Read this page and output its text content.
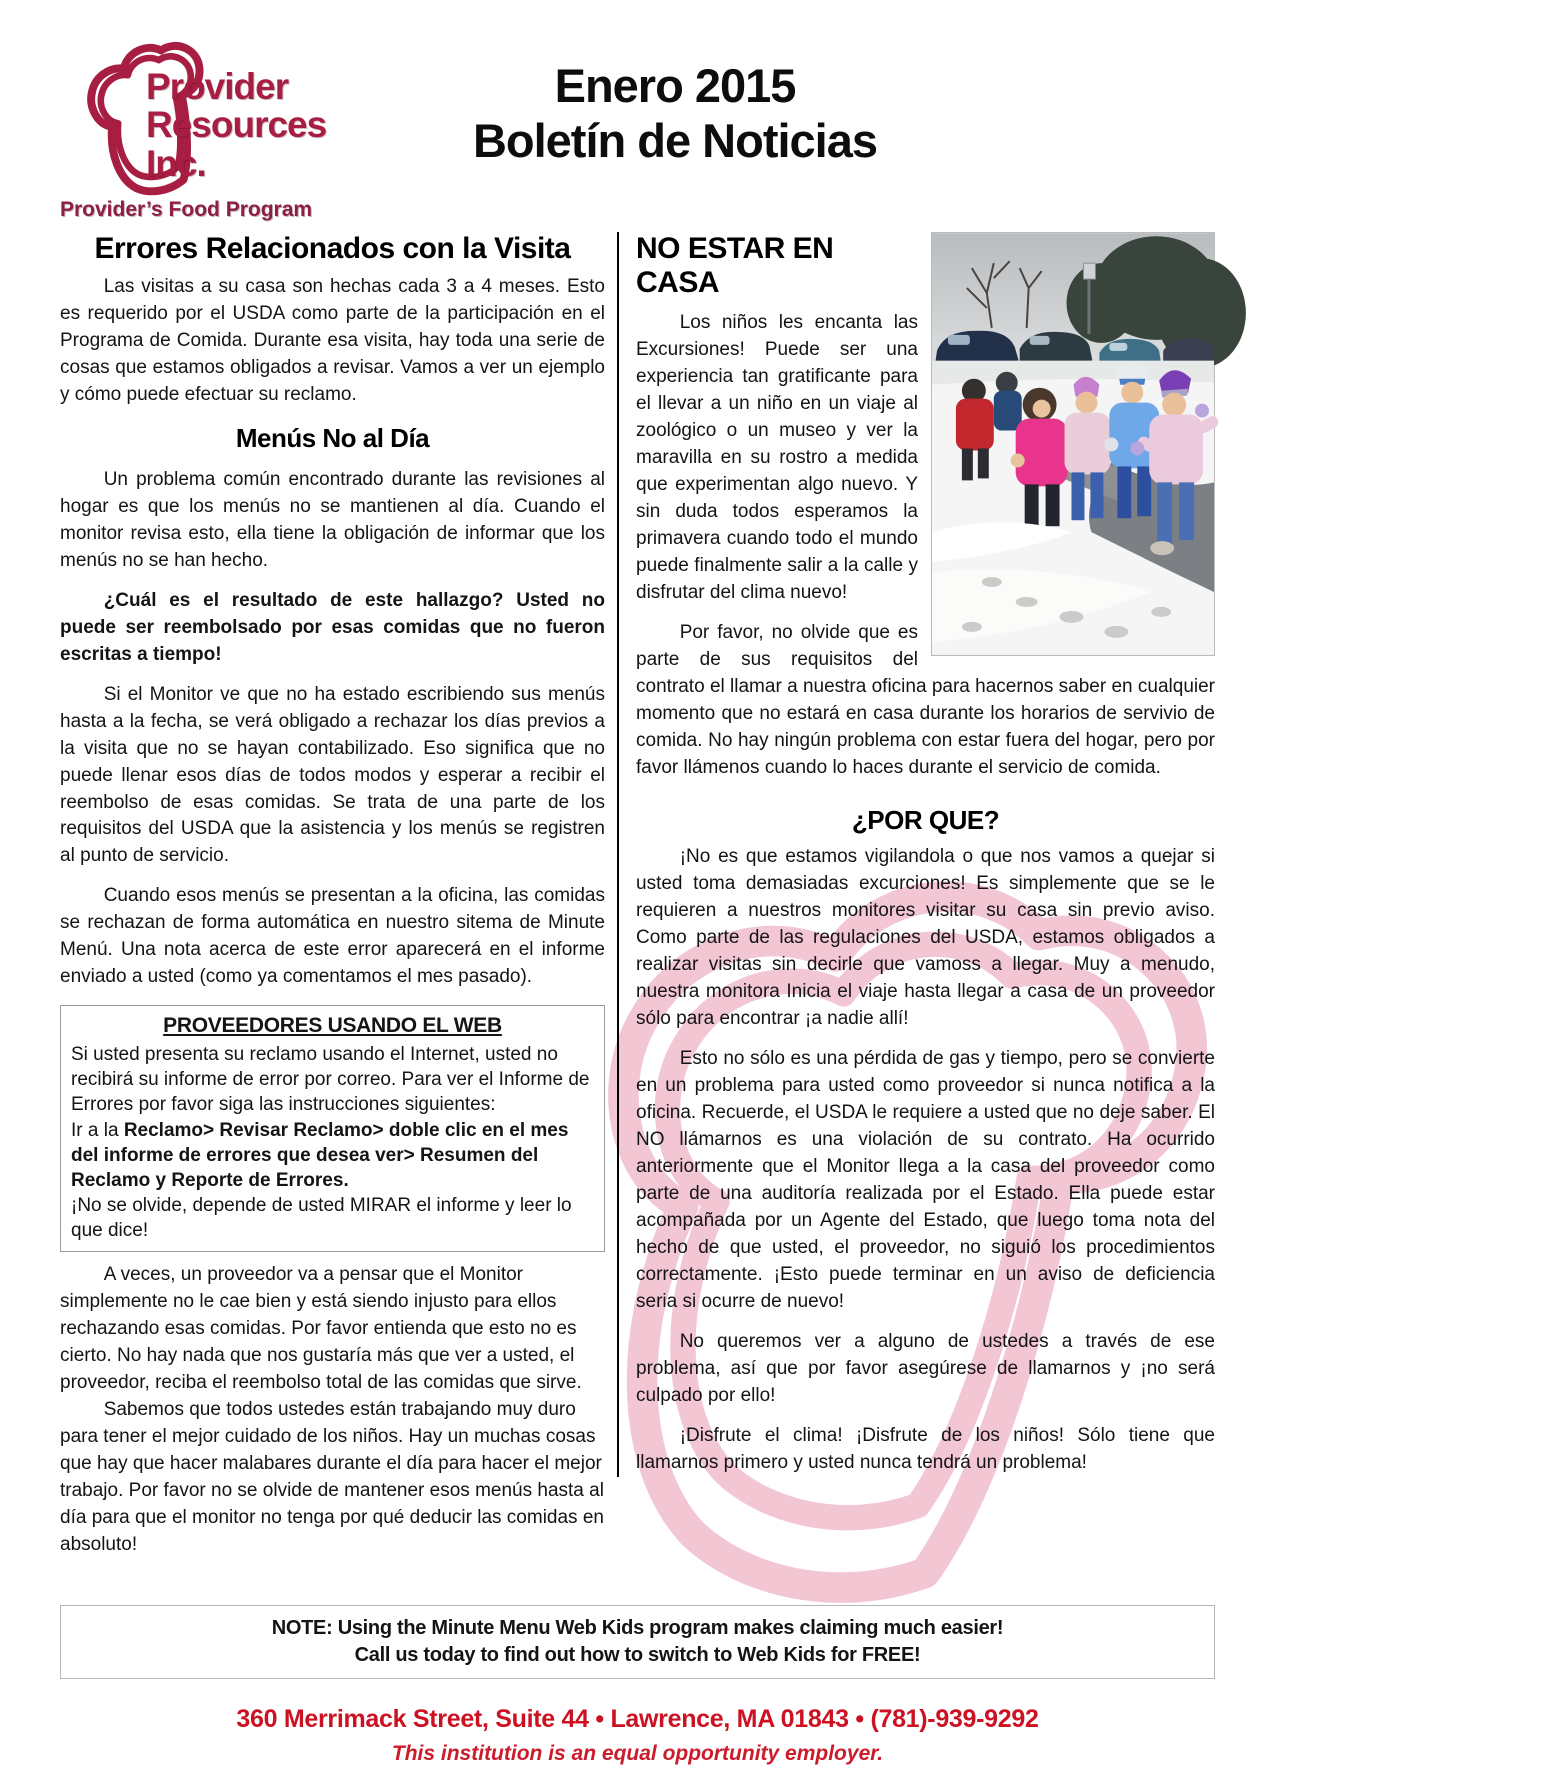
Provider
Resources
Inc.
Provider’s Food Program
Enero 2015
Boletín de Noticias
Errores Relacionados con la Visita

Las visitas a su casa son hechas cada 3 a 4 meses. Esto es requerido por el USDA como parte de la participación en el Programa de Comida. Durante esa visita, hay toda una serie de cosas que estamos obligados a revisar. Vamos a ver un ejemplo y cómo puede efectuar su reclamo.

Menús No al Día

Un problema común encontrado durante las revisiones al hogar es que los menús no se mantienen al día. Cuando el monitor revisa esto, ella tiene la obligación de informar que los menús no se han hecho.

¿Cuál es el resultado de este hallazgo? Usted no puede ser reembolsado por esas comidas que no fueron escritas a tiempo!

Si el Monitor ve que no ha estado escribiendo sus menús hasta a la fecha, se verá obligado a rechazar los días previos a la visita que no se hayan contabilizado. Eso significa que no puede llenar esos días de todos modos y esperar a recibir el reembolso de esas comidas. Se trata de una parte de los requisitos del USDA que la asistencia y los menús se registren al punto de servicio.

Cuando esos menús se presentan a la oficina, las comidas se rechazan de forma automática en nuestro sitema de Minute Menú. Una nota acerca de este error aparecerá en el informe enviado a usted (como ya comentamos el mes pasado).

PROVEEDORES USANDO EL WEB

Si usted presenta su reclamo usando el Internet, usted no recibirá su informe de error por correo. Para ver el Informe de Errores por favor siga las instrucciones siguientes:

Ir a la Reclamo> Revisar Reclamo> doble clic en el mes del informe de errores que desea ver> Resumen del Reclamo y Reporte de Errores.

¡No se olvide, depende de usted MIRAR el informe y leer lo que dice!

A veces, un proveedor va a pensar que el Monitor simplemente no le cae bien y está siendo injusto para ellos rechazando esas comidas. Por favor entienda que esto no es cierto. No hay nada que nos gustaría más que ver a usted, el proveedor, reciba el reembolso total de las comidas que sirve.

Sabemos que todos ustedes están trabajando muy duro para tener el mejor cuidado de los niños. Hay un muchas cosas que hay que hacer malabares durante el día para hacer el mejor trabajo. Por favor no se olvide de mantener esos menús hasta al día para que el monitor no tenga por qué deducir las comidas en absoluto!

NO ESTAR EN CASA

Los niños les encanta las Excursiones! Puede ser una experiencia tan gratificante para el llevar a un niño en un viaje al zoológico o un museo y ver la maravilla en su rostro a medida que experimentan algo nuevo. Y sin duda todos esperamos la primavera cuando todo el mundo puede finalmente salir a la calle y disfrutar del clima nuevo!

Por favor, no olvide que es parte de sus requisitos del contrato el llamar a nuestra oficina para hacernos saber en cualquier momento que no estará en casa durante los horarios de servivio de comida. No hay ningún problema con estar fuera del hogar, pero por favor llámenos cuando lo haces durante el servicio de comida.

¿POR QUE?

¡No es que estamos vigilandola o que nos vamos a quejar si usted toma demasiadas excurciones! Es simplemente que se le requieren a nuestros monitores visitar su casa sin previo aviso. Como parte de las regulaciones del USDA, estamos obligados a realizar visitas sin decirle que vamoss a llegar. Muy a menudo, nuestra monitora Inicia el viaje hasta llegar a casa de un proveedor sólo para encontrar ¡a nadie allí!

Esto no sólo es una pérdida de gas y tiempo, pero se convierte en un problema para usted como proveedor si nunca notifica a la oficina. Recuerde, el USDA le requiere a usted que no deje saber. El NO llámarnos es una violación de su contrato. Ha ocurrido anteriormente que el Monitor llega a la casa del proveedor como parte de una auditoría realizada por el Estado. Ella puede estar acompañada por un Agente del Estado, que luego toma nota del hecho de que usted, el proveedor, no siguió los procedimientos correctamente. ¡Esto puede terminar en un aviso de deficiencia seria si ocurre de nuevo!

No queremos ver a alguno de ustedes a través de ese problema, así que por favor asegúrese de llamarnos y ¡no será culpado por ello!

¡Disfrute el clima! ¡Disfrute de los niños! Sólo tiene que llamarnos primero y usted nunca tendrá un problema!

NOTE: Using the Minute Menu Web Kids program makes claiming much easier!
Call us today to find out how to switch to Web Kids for FREE!
360 Merrimack Street, Suite 44 • Lawrence, MA 01843 • (781)-939-9292
This institution is an equal opportunity employer.
